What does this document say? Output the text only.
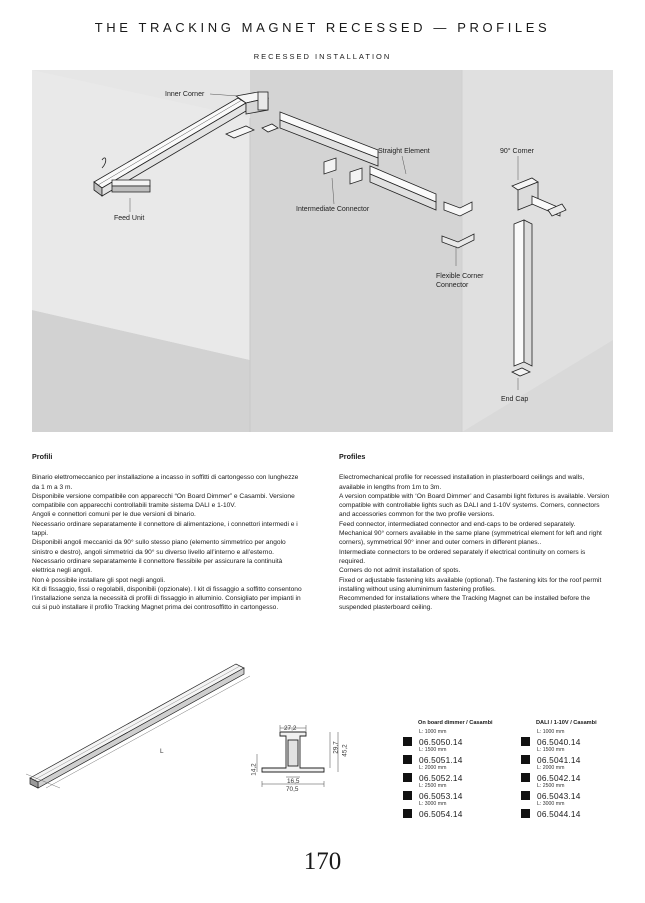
THE TRACKING MAGNET RECESSED — PROFILES
RECESSED INSTALLATION
Inner Corner
Straight Element	90° Corner
Feed Unit
Intermediate Connector
Flexible Corner
Connector
End Cap
Profili

Binario elettromeccanico per installazione a incasso in soffitti di cartongesso con lunghezze da 1 m a 3 m.

Disponibile versione compatibile con apparecchi “On Board Dimmer” e Casambi. Versione compatibile con apparecchi controllabili tramite sistema DALI e 1-10V.

Angoli e connettori comuni per le due versioni di binario.

Necessario ordinare separatamente il connettore di alimentazione, i connettori intermedi e i tappi.

Disponibili angoli meccanici da 90° sullo stesso piano (elemento simmetrico per angolo sinistro e destro), angoli simmetrici da 90° su diverso livello all’interno e all’esterno.

Necessario ordinare separatamente il connettore flessibile per assicurare la continuità elettrica negli angoli.

Non è possibile installare gli spot negli angoli.

Kit di fissaggio, fissi o regolabili, disponibili (opzionale). I kit di fissaggio a soffitto consentono l’installazione senza la necessità di profili di fissaggio in alluminio. Consigliato per impianti in cui si può installare il profilo Tracking Magnet prima dei controsoffitto in cartongesso.

Profiles

Electromechanical profile for recessed installation in plasterboard ceilings and walls, available in lengths from 1m to 3m.

A version compatible with ‘On Board Dimmer’ and Casambi light fixtures is available. Version compatible with controllable lights such as DALI and 1-10V systems. Corners, connectors and accessories common for the two profile versions.

Feed connector, intermediated connector and end-caps to be ordered separately.

Mechanical 90° corners available in the same plane (symmetrical element for left and right corners), symmetrical 90° inner and outer corners in different planes..

Intermediate connectors to be ordered separately if electrical continuity on corners is required.

Corners do not admit installation of spots.

Fixed or adjustable fastening kits available (optional). The fastening kits for the roof permit installing without using aluminimum fastening profiles.

Recommended for installations where the Tracking Magnet can be installed before the suspended plasterboard ceiling.

L
27,2
29,7 45,2
14,2
16,5
70,5
On board dimmer / Casambi
L: 1000 mm
06.5050.14
L: 1500 mm
06.5051.14
L: 2000 mm
06.5052.14
L: 2500 mm
06.5053.14
L: 3000 mm
06.5054.14
DALI / 1-10V / Casambi
L: 1000 mm
06.5040.14
L: 1500 mm
06.5041.14
L: 2000 mm
06.5042.14
L: 2500 mm
06.5043.14
L: 3000 mm
06.5044.14
170
